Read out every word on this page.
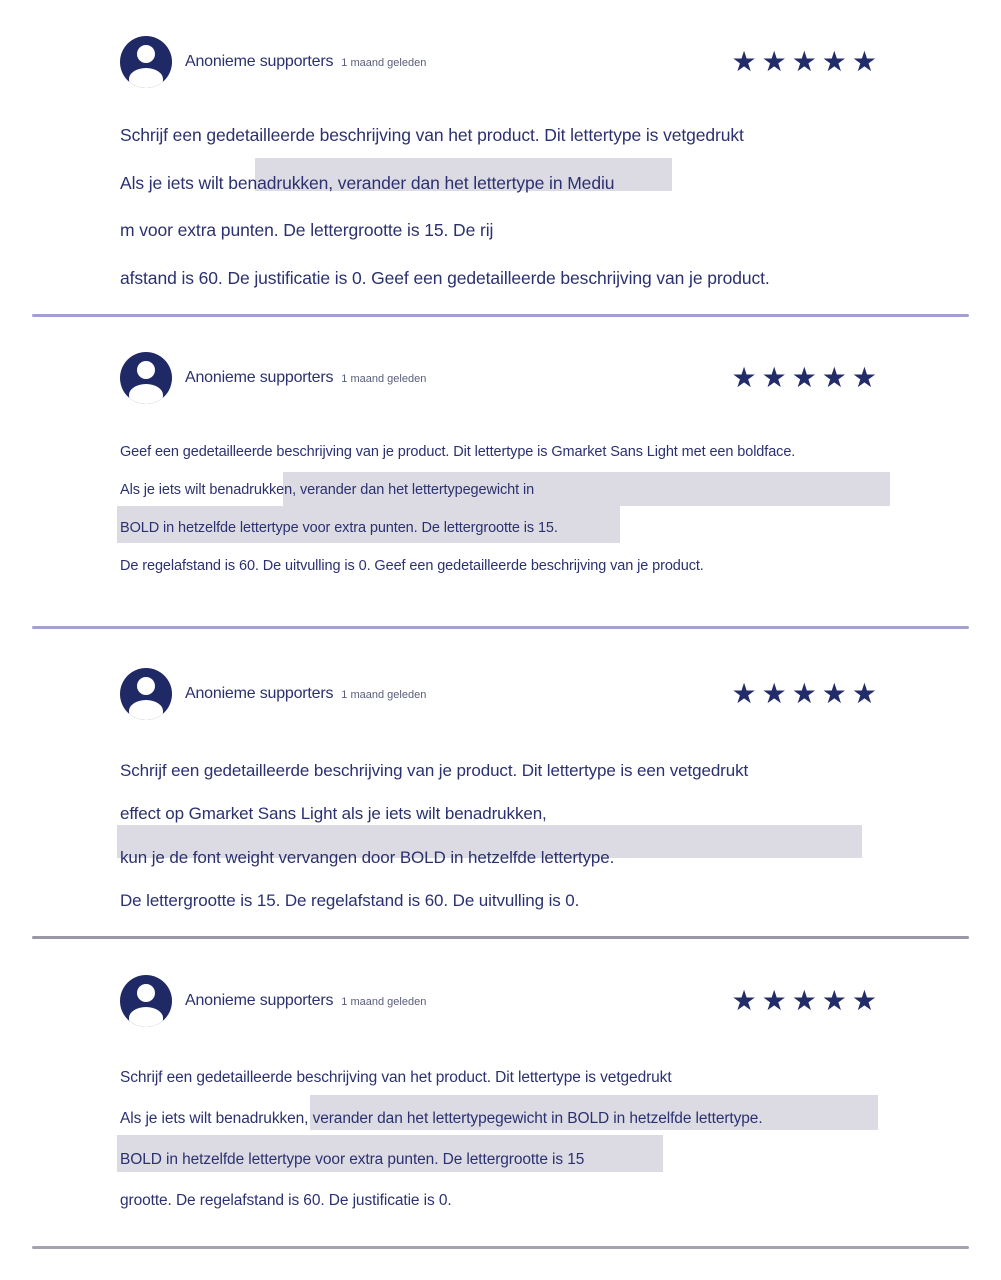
Anonieme supporters 1 maand geleden	★★★★★
Schrijf een gedetailleerde beschrijving van het product. Dit lettertype is vetgedrukt
Als je iets wilt benadrukken, verander dan het lettertype in Mediu
m voor extra punten. De lettergrootte is 15. De rij
afstand is 60. De justificatie is 0. Geef een gedetailleerde beschrijving van je product.
Anonieme supporters 1 maand geleden	★★★★★
Geef een gedetailleerde beschrijving van je product. Dit lettertype is Gmarket Sans Light met een boldface.
Als je iets wilt benadrukken, verander dan het lettertypegewicht in
BOLD in hetzelfde lettertype voor extra punten. De lettergrootte is 15.
De regelafstand is 60. De uitvulling is 0. Geef een gedetailleerde beschrijving van je product.
Anonieme supporters 1 maand geleden	★★★★★
Schrijf een gedetailleerde beschrijving van je product. Dit lettertype is een vetgedrukt
effect op Gmarket Sans Light als je iets wilt benadrukken,
kun je de font weight vervangen door BOLD in hetzelfde lettertype.
De lettergrootte is 15. De regelafstand is 60. De uitvulling is 0.
Anonieme supporters 1 maand geleden	★★★★★
Schrijf een gedetailleerde beschrijving van het product. Dit lettertype is vetgedrukt
Als je iets wilt benadrukken, verander dan het lettertypegewicht in BOLD in hetzelfde lettertype.
BOLD in hetzelfde lettertype voor extra punten. De lettergrootte is 15
grootte. De regelafstand is 60. De justificatie is 0.
